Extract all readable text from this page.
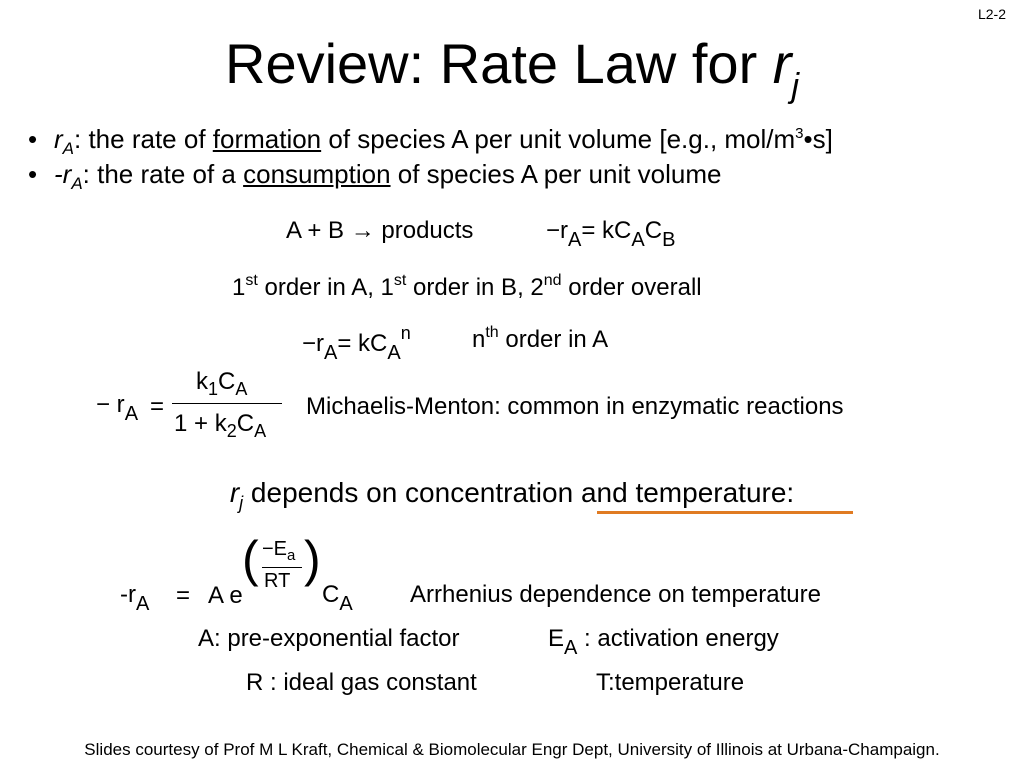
L2-2
Review: Rate Law for $r_j$
• $r_A$: the rate of formation of species A per unit volume [e.g., mol/$m^3•s$]
• $-r_A$: the rate of a consumption of species A per unit volume
A + B → products	$-r_A= kC_AC_B$
1st order in A, 1st order in B, 2nd order overall
$-r_A= kC_A^n$	$n^{th}$ order in A
− $r_A$ =
$k_1C_A$
$1 + k_2C_A$
Michaelis-Menton: common in enzymatic reactions
$r_j$ depends on concentration and temperature:
( $-E_a$
RT )
$-r_A = A$ e	$C_A$ Arrhenius dependence on temperature
A: pre-exponential factor	$E_A$ : activation energy
R : ideal gas constant	T:temperature
Slides courtesy of Prof M L Kraft, Chemical & Biomolecular Engr Dept, University of Illinois at Urbana-Champaign.
